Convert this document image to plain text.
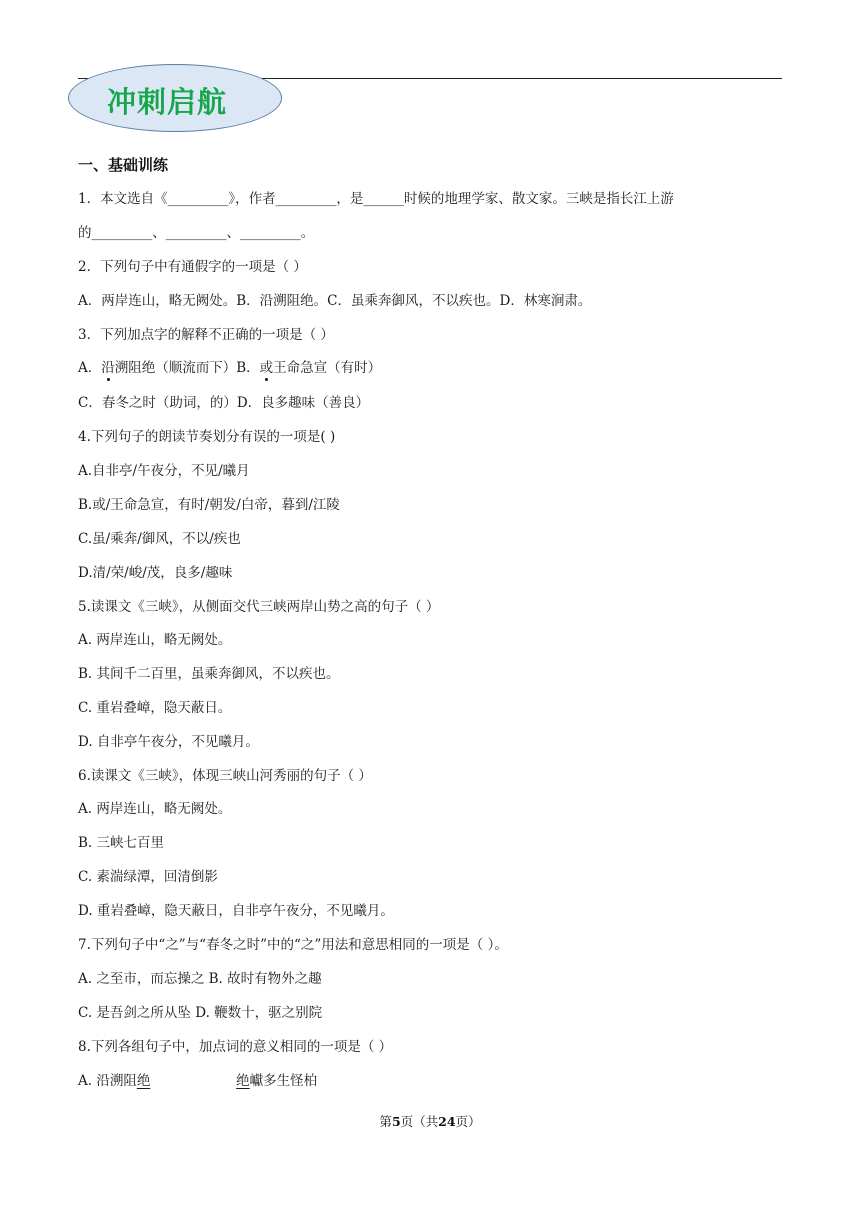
冲刺启航
一、基础训练
1．本文选自《_________》，作者_________，是______时候的地理学家、散文家。三峡是指长江上游
的_________、_________、_________。
2．下列句子中有通假字的一项是（ ）
A．两岸连山，略无阙处。B．沿溯阻绝。C．虽乘奔御风，不以疾也。D．林寒涧肃。
3．下列加点字的解释不正确的一项是（ ）
A．沿溯阻绝（顺流而下）B．或王命急宣（有时）
C．春冬之时（助词，的）D．良多趣味（善良）
4.下列句子的朗读节奏划分有误的一项是( )
A.自非亭/午夜分，不见/曦月
B.或/王命急宣，有时/朝发/白帝，暮到/江陵
C.虽/乘奔/御风，不以/疾也
D.清/荣/峻/茂，良多/趣味
5.读课文《三峡》，从侧面交代三峡两岸山势之高的句子（ ）
A. 两岸连山，略无阙处。
B. 其间千二百里，虽乘奔御风，不以疾也。
C. 重岩叠嶂，隐天蔽日。
D. 自非亭午夜分，不见曦月。
6.读课文《三峡》，体现三峡山河秀丽的句子（ ）
A. 两岸连山，略无阙处。
B. 三峡七百里
C. 素湍绿潭，回清倒影
D. 重岩叠嶂，隐天蔽日，自非亭午夜分，不见曦月。
7.下列句子中“之”与“春冬之时”中的“之”用法和意思相同的一项是（ ）。
A. 之至市，而忘操之 B. 故时有物外之趣
C. 是吾剑之所从坠 D. 鞭数十，驱之别院
8.下列各组句子中，加点词的意义相同的一项是（ ）
A. 沿溯阻绝	绝巘多生怪柏
第5页（共24页）
